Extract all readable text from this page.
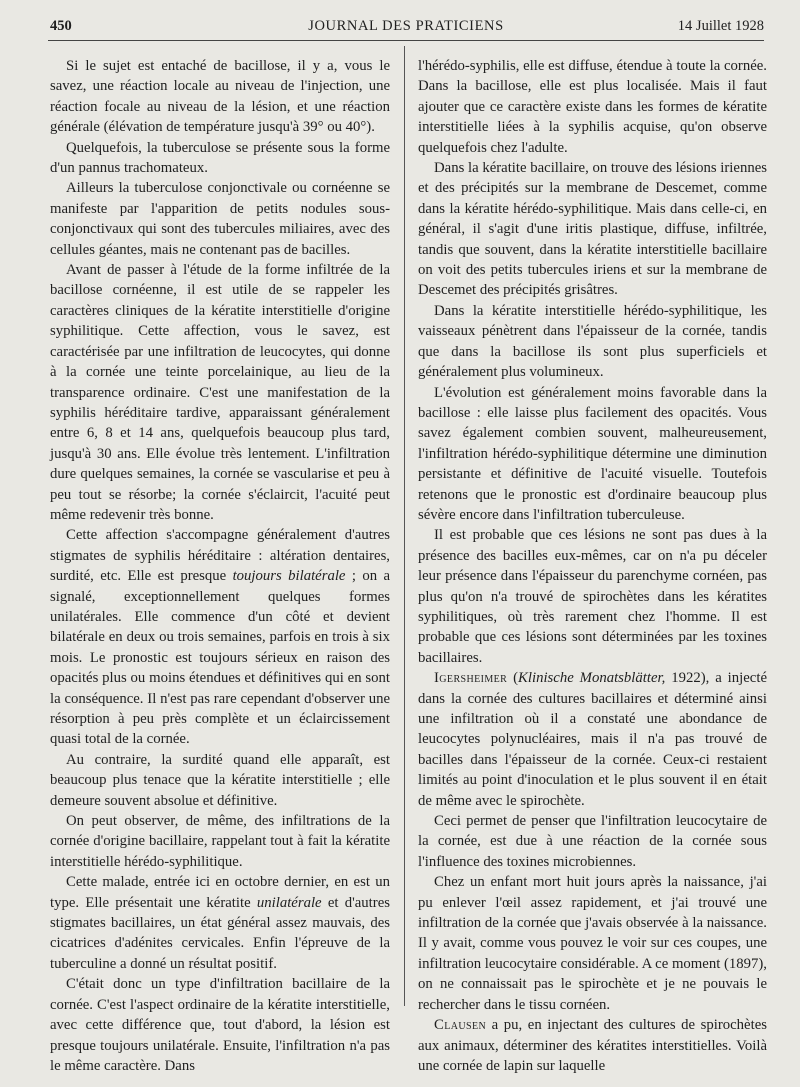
450	JOURNAL DES PRATICIENS	14 Juillet 1928

Si le sujet est entaché de bacillose, il y a, vous le savez, une réaction locale au niveau de l'injection, une réaction focale au niveau de la lésion, et une réaction générale (élévation de température jusqu'à 39° ou 40°).

Quelquefois, la tuberculose se présente sous la forme d'un pannus trachomateux.

Ailleurs la tuberculose conjonctivale ou cornéenne se manifeste par l'apparition de petits nodules sous-conjonctivaux qui sont des tubercules miliaires, avec des cellules géantes, mais ne contenant pas de bacilles.

Avant de passer à l'étude de la forme infiltrée de la bacillose cornéenne, il est utile de se rappeler les caractères cliniques de la kératite interstitielle d'origine syphilitique. Cette affection, vous le savez, est caractérisée par une infiltration de leucocytes, qui donne à la cornée une teinte porcelainique, au lieu de la transparence ordinaire. C'est une manifestation de la syphilis héréditaire tardive, apparaissant généralement entre 6, 8 et 14 ans, quelquefois beaucoup plus tard, jusqu'à 30 ans. Elle évolue très lentement. L'infiltration dure quelques semaines, la cornée se vascularise et peu à peu tout se résorbe; la cornée s'éclaircit, l'acuité peut même redevenir très bonne.

Cette affection s'accompagne généralement d'autres stigmates de syphilis héréditaire : altération dentaires, surdité, etc. Elle est presque toujours bilatérale ; on a signalé, exceptionnellement quelques formes unilatérales. Elle commence d'un côté et devient bilatérale en deux ou trois semaines, parfois en trois à six mois. Le pronostic est toujours sérieux en raison des opacités plus ou moins étendues et définitives qui en sont la conséquence. Il n'est pas rare cependant d'observer une résorption à peu près complète et un éclaircissement quasi total de la cornée.

Au contraire, la surdité quand elle apparaît, est beaucoup plus tenace que la kératite interstitielle ; elle demeure souvent absolue et définitive.

On peut observer, de même, des infiltrations de la cornée d'origine bacillaire, rappelant tout à fait la kératite interstitielle hérédo-syphilitique.

Cette malade, entrée ici en octobre dernier, en est un type. Elle présentait une kératite unilatérale et d'autres stigmates bacillaires, un état général assez mauvais, des cicatrices d'adénites cervicales. Enfin l'épreuve de la tuberculine a donné un résultat positif.

C'était donc un type d'infiltration bacillaire de la cornée. C'est l'aspect ordinaire de la kératite interstitielle, avec cette différence que, tout d'abord, la lésion est presque toujours unilatérale. Ensuite, l'infiltration n'a pas le même caractère. Dans

l'hérédo-syphilis, elle est diffuse, étendue à toute la cornée. Dans la bacillose, elle est plus localisée. Mais il faut ajouter que ce caractère existe dans les formes de kératite interstitielle liées à la syphilis acquise, qu'on observe quelquefois chez l'adulte.

Dans la kératite bacillaire, on trouve des lésions iriennes et des précipités sur la membrane de Descemet, comme dans la kératite hérédo-syphilitique. Mais dans celle-ci, en général, il s'agit d'une iritis plastique, diffuse, infiltrée, tandis que souvent, dans la kératite interstitielle bacillaire on voit des petits tubercules iriens et sur la membrane de Descemet des précipités grisâtres.

Dans la kératite interstitielle hérédo-syphilitique, les vaisseaux pénètrent dans l'épaisseur de la cornée, tandis que dans la bacillose ils sont plus superficiels et généralement plus volumineux.

L'évolution est généralement moins favorable dans la bacillose : elle laisse plus facilement des opacités. Vous savez également combien souvent, malheureusement, l'infiltration hérédo-syphilitique détermine une diminution persistante et définitive de l'acuité visuelle. Toutefois retenons que le pronostic est d'ordinaire beaucoup plus sévère encore dans l'infiltration tuberculeuse.

Il est probable que ces lésions ne sont pas dues à la présence des bacilles eux-mêmes, car on n'a pu déceler leur présence dans l'épaisseur du parenchyme cornéen, pas plus qu'on n'a trouvé de spirochètes dans les kératites syphilitiques, où très rarement chez l'homme. Il est probable que ces lésions sont déterminées par les toxines bacillaires.

Igersheimer (Klinische Monatsblätter, 1922), a injecté dans la cornée des cultures bacillaires et déterminé ainsi une infiltration où il a constaté une abondance de leucocytes polynucléaires, mais il n'a pas trouvé de bacilles dans l'épaisseur de la cornée. Ceux-ci restaient limités au point d'inoculation et le plus souvent il en était de même avec le spirochète.

Ceci permet de penser que l'infiltration leucocytaire de la cornée, est due à une réaction de la cornée sous l'influence des toxines microbiennes.

Chez un enfant mort huit jours après la naissance, j'ai pu enlever l'œil assez rapidement, et j'ai trouvé une infiltration de la cornée que j'avais observée à la naissance. Il y avait, comme vous pouvez le voir sur ces coupes, une infiltration leucocytaire considérable. A ce moment (1897), on ne connaissait pas le spirochète et je ne pouvais le rechercher dans le tissu cornéen.

Clausen a pu, en injectant des cultures de spirochètes aux animaux, déterminer des kératites interstitielles. Voilà une cornée de lapin sur laquelle
